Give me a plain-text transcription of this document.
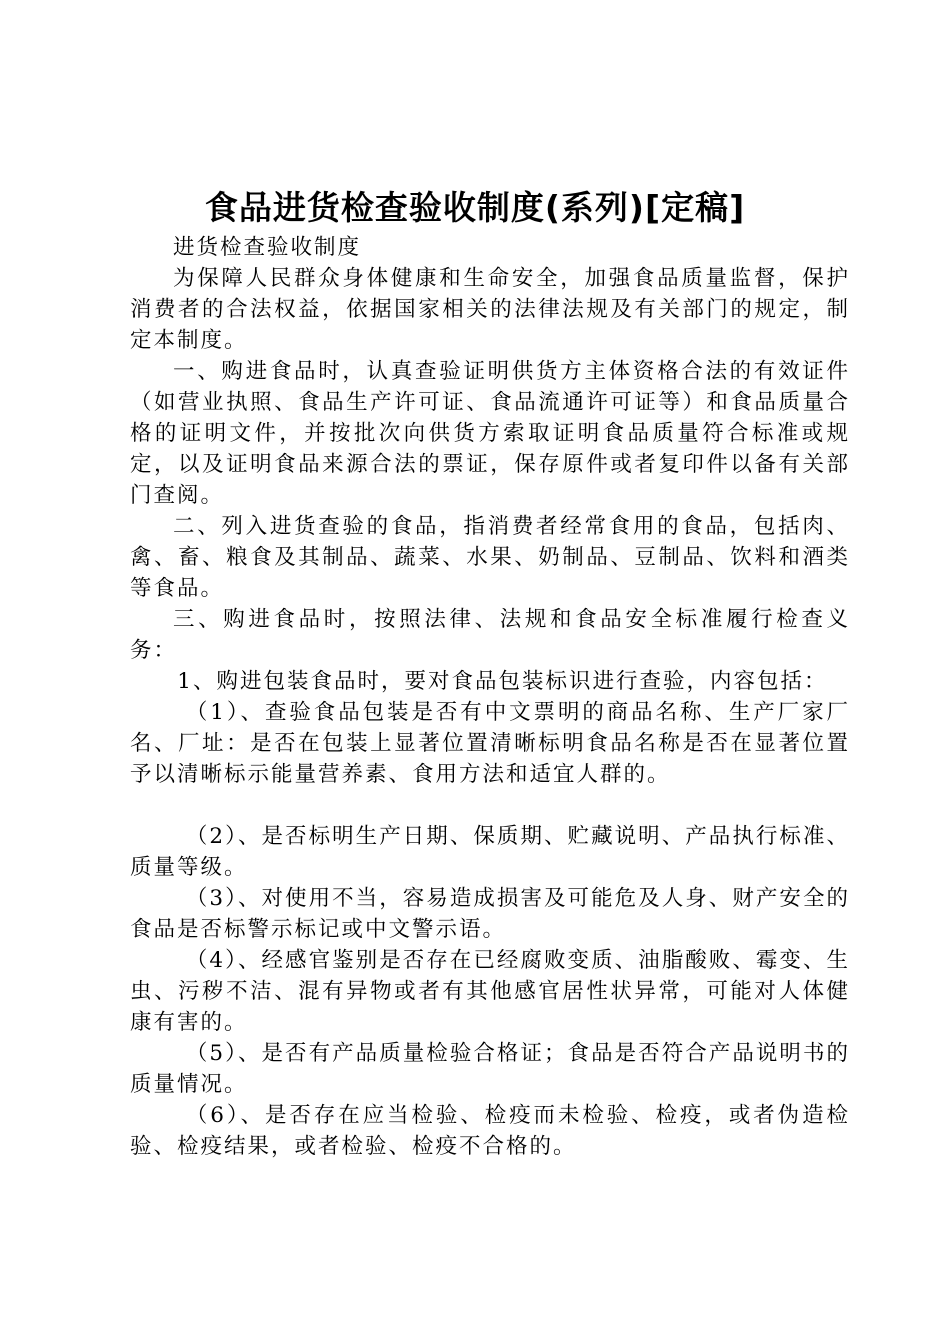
食品进货检查验收制度(系列)[定稿]

进货检查验收制度

为保障人民群众身体健康和生命安全，加强食品质量监督，保护消费者的合法权益，依据国家相关的法律法规及有关部门的规定，制定本制度。

一、购进食品时，认真查验证明供货方主体资格合法的有效证件（如营业执照、食品生产许可证、食品流通许可证等）和食品质量合格的证明文件，并按批次向供货方索取证明食品质量符合标准或规定，以及证明食品来源合法的票证，保存原件或者复印件以备有关部门查阅。

二、列入进货查验的食品，指消费者经常食用的食品，包括肉、禽、畜、粮食及其制品、蔬菜、水果、奶制品、豆制品、饮料和酒类等食品。

三、购进食品时，按照法律、法规和食品安全标准履行检查义务：

1、购进包装食品时，要对食品包装标识进行查验，内容包括：

（1）、查验食品包装是否有中文票明的商品名称、生产厂家厂名、厂址：是否在包装上显著位置清晰标明食品名称是否在显著位置予以清晰标示能量营养素、食用方法和适宜人群的。

（2）、是否标明生产日期、保质期、贮藏说明、产品执行标准、质量等级。

（3）、对使用不当，容易造成损害及可能危及人身、财产安全的食品是否标警示标记或中文警示语。

（4）、经感官鉴别是否存在已经腐败变质、油脂酸败、霉变、生虫、污秽不洁、混有异物或者有其他感官居性状异常，可能对人体健康有害的。

（5）、是否有产品质量检验合格证；食品是否符合产品说明书的质量情况。

（6）、是否存在应当检验、检疫而未检验、检疫，或者伪造检验、检疫结果，或者检验、检疫不合格的。
